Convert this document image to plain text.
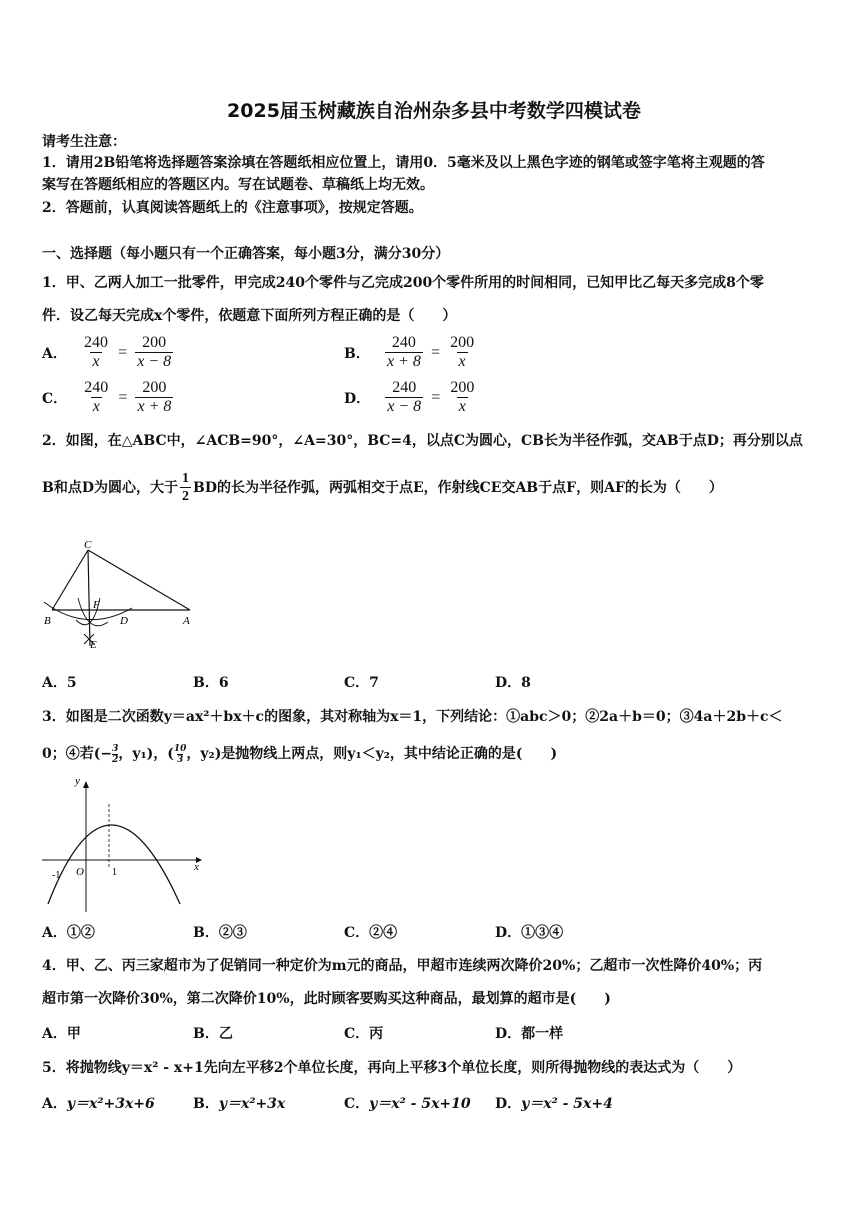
2025届玉树藏族自治州杂多县中考数学四模试卷
请考生注意：
1．请用2B铅笔将选择题答案涂填在答题纸相应位置上，请用0．5毫米及以上黑色字迹的钢笔或签字笔将主观题的答
案写在答题纸相应的答题区内。写在试题卷、草稿纸上均无效。
2．答题前，认真阅读答题纸上的《注意事项》，按规定答题。
一、选择题（每小题只有一个正确答案，每小题3分，满分30分）
1．甲、乙两人加工一批零件，甲完成240个零件与乙完成200个零件所用的时间相同，已知甲比乙每天多完成8个零
件．设乙每天完成x个零件，依题意下面所列方程正确的是（　　）
A． $\frac{240}{x} = \frac{200}{x - 8}$	B． $\frac{240}{x + 8} = \frac{200}{x}$
C． $\frac{240}{x} = \frac{200}{x + 8}$	D． $\frac{240}{x - 8} = \frac{200}{x}$
2．如图，在△ABC中，∠ACB=90°，∠A=30°，BC=4，以点C为圆心，CB长为半径作弧，交AB于点D；再分别以点
B和点D为圆心，大于 $\frac{1}{2}$ BD的长为半径作弧，两弧相交于点E，作射线CE交AB于点F，则AF的长为（　　）
C
F
B	D	A
E
A．5	B．6	C．7	D．8
3．如图是二次函数y＝ax²＋bx＋c的图象，其对称轴为x＝1，下列结论：①abc＞0；②2a＋b＝0；③4a＋2b＋c＜
0；④若(− $\frac{3}{2}$ ，y₁)，( $\frac{10}{3}$ ，y₂)是抛物线上两点，则y₁＜y₂，其中结论正确的是(　　)
y
x
O
-1	1
A．①②	B．②③	C．②④	D．①③④
4．甲、乙、丙三家超市为了促销同一种定价为m元的商品，甲超市连续两次降价20%；乙超市一次性降价40%；丙
超市第一次降价30%，第二次降价10%，此时顾客要购买这种商品，最划算的超市是(　　)
A．甲	B．乙	C．丙	D．都一样
5．将抛物线y＝x² - x+1先向左平移2个单位长度，再向上平移3个单位长度，则所得抛物线的表达式为（　　）
A．y＝x²+3x+6	B．y＝x²+3x	C．y＝x² - 5x+10 D．y＝x² - 5x+4
